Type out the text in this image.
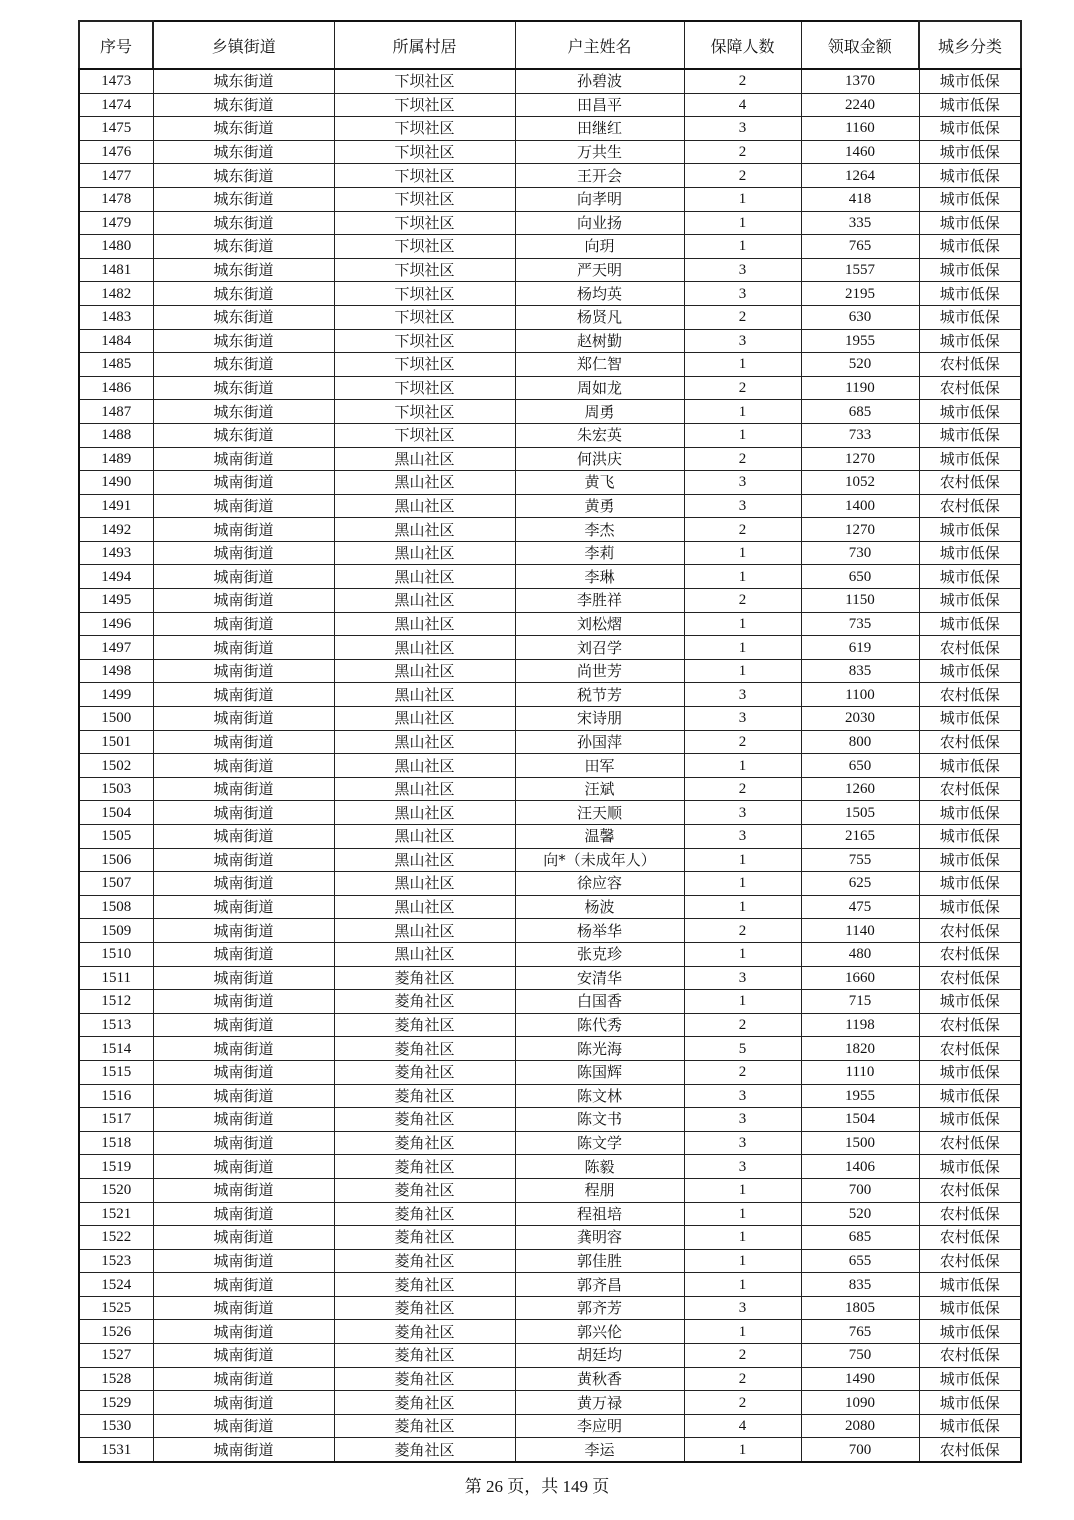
序号	乡镇街道	所属村居	户主姓名	保障人数	领取金额	城乡分类
1473	城东街道	下坝社区	孙碧波	2	1370	城市低保
1474	城东街道	下坝社区	田昌平	4	2240	城市低保
1475	城东街道	下坝社区	田继红	3	1160	城市低保
1476	城东街道	下坝社区	万共生	2	1460	城市低保
1477	城东街道	下坝社区	王开会	2	1264	城市低保
1478	城东街道	下坝社区	向孝明	1	418	城市低保
1479	城东街道	下坝社区	向业扬	1	335	城市低保
1480	城东街道	下坝社区	向玥	1	765	城市低保
1481	城东街道	下坝社区	严天明	3	1557	城市低保
1482	城东街道	下坝社区	杨均英	3	2195	城市低保
1483	城东街道	下坝社区	杨贤凡	2	630	城市低保
1484	城东街道	下坝社区	赵树勤	3	1955	城市低保
1485	城东街道	下坝社区	郑仁智	1	520	农村低保
1486	城东街道	下坝社区	周如龙	2	1190	农村低保
1487	城东街道	下坝社区	周勇	1	685	城市低保
1488	城东街道	下坝社区	朱宏英	1	733	城市低保
1489	城南街道	黑山社区	何洪庆	2	1270	城市低保
1490	城南街道	黑山社区	黄飞	3	1052	农村低保
1491	城南街道	黑山社区	黄勇	3	1400	农村低保
1492	城南街道	黑山社区	李杰	2	1270	城市低保
1493	城南街道	黑山社区	李莉	1	730	城市低保
1494	城南街道	黑山社区	李琳	1	650	城市低保
1495	城南街道	黑山社区	李胜祥	2	1150	城市低保
1496	城南街道	黑山社区	刘松熠	1	735	城市低保
1497	城南街道	黑山社区	刘召学	1	619	农村低保
1498	城南街道	黑山社区	尚世芳	1	835	城市低保
1499	城南街道	黑山社区	税节芳	3	1100	农村低保
1500	城南街道	黑山社区	宋诗朋	3	2030	城市低保
1501	城南街道	黑山社区	孙国萍	2	800	农村低保
1502	城南街道	黑山社区	田军	1	650	城市低保
1503	城南街道	黑山社区	汪斌	2	1260	农村低保
1504	城南街道	黑山社区	汪天顺	3	1505	城市低保
1505	城南街道	黑山社区	温馨	3	2165	城市低保
1506	城南街道	黑山社区	向*（未成年人）	1	755	城市低保
1507	城南街道	黑山社区	徐应容	1	625	城市低保
1508	城南街道	黑山社区	杨波	1	475	城市低保
1509	城南街道	黑山社区	杨举华	2	1140	农村低保
1510	城南街道	黑山社区	张克珍	1	480	农村低保
1511	城南街道	菱角社区	安清华	3	1660	农村低保
1512	城南街道	菱角社区	白国香	1	715	城市低保
1513	城南街道	菱角社区	陈代秀	2	1198	农村低保
1514	城南街道	菱角社区	陈光海	5	1820	农村低保
1515	城南街道	菱角社区	陈国辉	2	1110	城市低保
1516	城南街道	菱角社区	陈文林	3	1955	城市低保
1517	城南街道	菱角社区	陈文书	3	1504	城市低保
1518	城南街道	菱角社区	陈文学	3	1500	农村低保
1519	城南街道	菱角社区	陈毅	3	1406	城市低保
1520	城南街道	菱角社区	程朋	1	700	农村低保
1521	城南街道	菱角社区	程祖培	1	520	农村低保
1522	城南街道	菱角社区	龚明容	1	685	农村低保
1523	城南街道	菱角社区	郭佳胜	1	655	农村低保
1524	城南街道	菱角社区	郭齐昌	1	835	城市低保
1525	城南街道	菱角社区	郭齐芳	3	1805	城市低保
1526	城南街道	菱角社区	郭兴伦	1	765	城市低保
1527	城南街道	菱角社区	胡廷均	2	750	农村低保
1528	城南街道	菱角社区	黄秋香	2	1490	城市低保
1529	城南街道	菱角社区	黄万禄	2	1090	城市低保
1530	城南街道	菱角社区	李应明	4	2080	城市低保
1531	城南街道	菱角社区	李运	1	700	农村低保
第 26 页，共 149 页
